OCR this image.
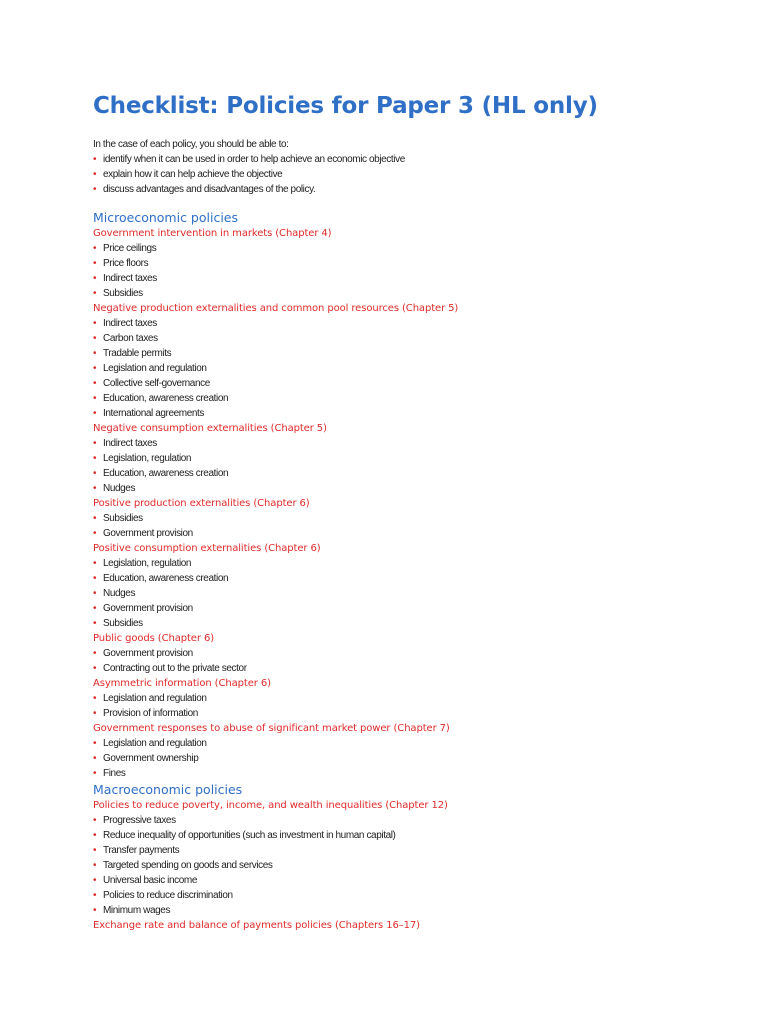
Checklist: Policies for Paper 3 (HL only)
In the case of each policy, you should be able to:
• identify when it can be used in order to help achieve an economic objective
• explain how it can help achieve the objective
• discuss advantages and disadvantages of the policy.
Microeconomic policies
Government intervention in markets (Chapter 4)
• Price ceilings
• Price floors
• Indirect taxes
• Subsidies
Negative production externalities and common pool resources (Chapter 5)
• Indirect taxes
• Carbon taxes
• Tradable permits
• Legislation and regulation
• Collective self-governance
• Education, awareness creation
• International agreements
Negative consumption externalities (Chapter 5)
• Indirect taxes
• Legislation, regulation
• Education, awareness creation
• Nudges
Positive production externalities (Chapter 6)
• Subsidies
• Government provision
Positive consumption externalities (Chapter 6)
• Legislation, regulation
• Education, awareness creation
• Nudges
• Government provision
• Subsidies
Public goods (Chapter 6)
• Government provision
• Contracting out to the private sector
Asymmetric information (Chapter 6)
• Legislation and regulation
• Provision of information
Government responses to abuse of significant market power (Chapter 7)
• Legislation and regulation
• Government ownership
• Fines
Macroeconomic policies
Policies to reduce poverty, income, and wealth inequalities (Chapter 12)
• Progressive taxes
• Reduce inequality of opportunities (such as investment in human capital)
• Transfer payments
• Targeted spending on goods and services
• Universal basic income
• Policies to reduce discrimination
• Minimum wages
Exchange rate and balance of payments policies (Chapters 16–17)
